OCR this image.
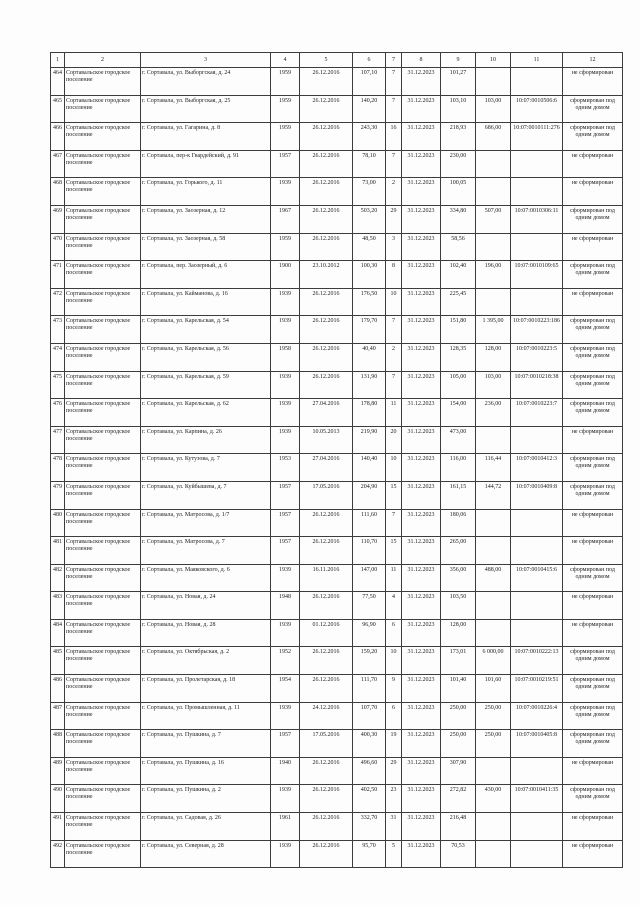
1	2	3	4	5	6	7	8	9	10	11	12
464	Сортавальское городское поселение	г. Сортавала, ул. Выборгская, д. 24	1959	26.12.2016	107,10	7	31.12.2023	101,27			не сформирован
465	Сортавальское городское поселение	г. Сортавала, ул. Выборгская, д. 25	1959	26.12.2016	140,20	7	31.12.2023	103,10	103,00	10:07:0010506:6	сформирован под одним домом
466	Сортавальское городское поселение	г. Сортавала, ул. Гагарина, д. 8	1959	26.12.2016	243,30	16	31.12.2023	218,93	686,00	10:07:0010111:276	сформирован под одним домом
467	Сортавальское городское поселение	г. Сортавала, пер-к Гвардейский, д. 91	1957	26.12.2016	78,10	7	31.12.2023	230,00			не сформирован
468	Сортавальское городское поселение	г. Сортавала, ул. Горького, д. 11	1939	26.12.2016	73,00	2	31.12.2023	100,05			не сформирован
469	Сортавальское городское поселение	г. Сортавала, ул. Заозерная, д. 12	1967	26.12.2016	503,20	29	31.12.2023	334,80	507,00	10:07:0010306:11	сформирован под одним домом
470	Сортавальское городское поселение	г. Сортавала, ул. Заозерная, д. 58	1959	26.12.2016	48,50	3	31.12.2023	58,56			не сформирован
471	Сортавальское городское поселение	г. Сортавала, пер. Заозерный, д. 6	1900	23.10.2012	100,30	8	31.12.2023	102,40	196,00	10:07:0010109:65	сформирован под одним домом
472	Сортавальское городское поселение	г. Сортавала, ул. Кайманова, д. 16	1939	26.12.2016	176,50	10	31.12.2023	225,45			не сформирован
473	Сортавальское городское поселение	г. Сортавала, ул. Карельская, д. 54	1939	26.12.2016	179,70	7	31.12.2023	151,80	1 395,00	10:07:0010223:186	сформирован под одним домом
474	Сортавальское городское поселение	г. Сортавала, ул. Карельская, д. 56	1958	26.12.2016	40,40	2	31.12.2023	128,35	128,00	10:07:0010223:5	сформирован под одним домом
475	Сортавальское городское поселение	г. Сортавала, ул. Карельская, д. 59	1939	26.12.2016	131,90	7	31.12.2023	105,00	103,00	10:07:0010218:38	сформирован под одним домом
476	Сортавальское городское поселение	г. Сортавала, ул. Карельская, д. 62	1939	27.04.2016	178,80	11	31.12.2023	154,00	236,00	10:07:0010223:7	сформирован под одним домом
477	Сортавальское городское поселение	г. Сортавала, ул. Карпина, д. 26	1939	10.05.2013	219,90	20	31.12.2023	473,00			не сформирован
478	Сортавальское городское поселение	г. Сортавала, ул. Кутузова, д. 7	1953	27.04.2016	140,40	10	31.12.2023	116,00	116,44	10:07:0010412:3	сформирован под одним домом
479	Сортавальское городское поселение	г. Сортавала, ул. Куйбышева, д. 7	1957	17.05.2016	204,90	15	31.12.2023	161,15	144,72	10:07:0010409:8	сформирован под одним домом
480	Сортавальское городское поселение	г. Сортавала, ул. Матросова, д. 1/7	1957	26.12.2016	111,60	7	31.12.2023	180,06			не сформирован
481	Сортавальское городское поселение	г. Сортавала, ул. Матросова, д. 7	1957	26.12.2016	110,70	15	31.12.2023	265,00			не сформирован
482	Сортавальское городское поселение	г. Сортавала, ул. Маяковского, д. 6	1939	16.11.2016	147,00	11	31.12.2023	356,00	488,00	10:07:0010415:6	сформирован под одним домом
483	Сортавальское городское поселение	г. Сортавала, ул. Новая, д. 24	1948	26.12.2016	77,50	4	31.12.2023	103,50			не сформирован
484	Сортавальское городское поселение	г. Сортавала, ул. Новая, д. 28	1939	01.12.2016	96,90	6	31.12.2023	128,00			не сформирован
485	Сортавальское городское поселение	г. Сортавала, ул. Октябрьская, д. 2	1952	26.12.2016	159,20	10	31.12.2023	173,01	6 000,00	10:07:0010222:13	сформирован под одним домом
486	Сортавальское городское поселение	г. Сортавала, ул. Пролетарская, д. 18	1954	26.12.2016	111,70	9	31.12.2023	101,40	101,60	10:07:0010219:51	сформирован под одним домом
487	Сортавальское городское поселение	г. Сортавала, ул. Промышленная, д. 11	1939	24.12.2016	107,70	6	31.12.2023	250,00	250,00	10:07:0010226:4	сформирован под одним домом
488	Сортавальское городское поселение	г. Сортавала, ул. Пушкина, д. 7	1957	17.05.2016	400,30	19	31.12.2023	250,00	250,00	10:07:0010405:8	сформирован под одним домом
489	Сортавальское городское поселение	г. Сортавала, ул. Пушкина, д. 16	1940	26.12.2016	496,60	29	31.12.2023	307,90			не сформирован
490	Сортавальское городское поселение	г. Сортавала, ул. Пушкина, д. 2	1939	26.12.2016	402,50	23	31.12.2023	272,82	430,00	10:07:0010411:35	сформирован под одним домом
491	Сортавальское городское поселение	г. Сортавала, ул. Садовая, д. 26	1961	26.12.2016	332,70	31	31.12.2023	216,48			не сформирован
492	Сортавальское городское поселение	г. Сортавала, ул. Северная, д. 28	1939	26.12.2016	95,70	5	31.12.2023	70,53			не сформирован
